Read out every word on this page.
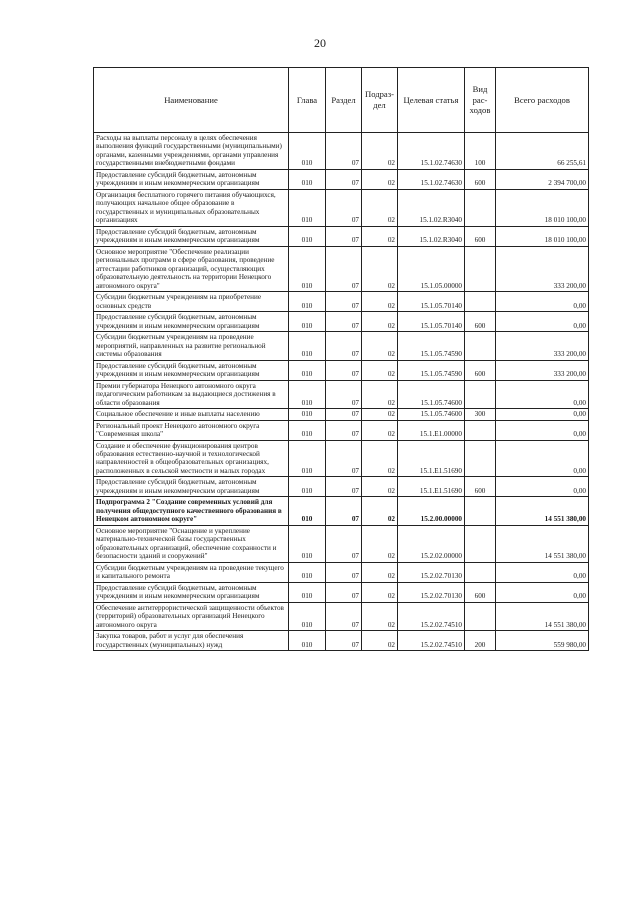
20
Наименование	Глава	Раздел	Подраз-дел	Целевая статья	Вид рас-ходов	Всего расходов
Расходы на выплаты персоналу в целях обеспечения выполнения функций государственными (муниципальными) органами, казенными учреждениями, органами управления государственными внебюджетными фондами	010	07	02	15.1.02.74630	100	66 255,61
Предоставление субсидий бюджетным, автономным учреждениям и иным некоммерческим организациям	010	07	02	15.1.02.74630	600	2 394 700,00
Организация бесплатного горячего питания обучающихся, получающих начальное общее образование в государственных и муниципальных образовательных организациях	010	07	02	15.1.02.R3040		18 010 100,00
Предоставление субсидий бюджетным, автономным учреждениям и иным некоммерческим организациям	010	07	02	15.1.02.R3040	600	18 010 100,00
Основное мероприятие "Обеспечение реализации региональных программ в сфере образования, проведение аттестации работников организаций, осуществляющих образовательную деятельность на территории Ненецкого автономного округа"	010	07	02	15.1.05.00000		333 200,00
Субсидии бюджетным учреждениям на приобретение основных средств	010	07	02	15.1.05.70140		0,00
Предоставление субсидий бюджетным, автономным учреждениям и иным некоммерческим организациям	010	07	02	15.1.05.70140	600	0,00
Субсидии бюджетным учреждениям на проведение мероприятий, направленных на развитие региональной системы образования	010	07	02	15.1.05.74590		333 200,00
Предоставление субсидий бюджетным, автономным учреждениям и иным некоммерческим организациям	010	07	02	15.1.05.74590	600	333 200,00
Премии губернатора Ненецкого автономного округа педагогическим работникам за выдающиеся достижения в области образования	010	07	02	15.1.05.74600		0,00
Социальное обеспечение и иные выплаты населению	010	07	02	15.1.05.74600	300	0,00
Региональный проект Ненецкого автономного округа "Современная школа"	010	07	02	15.1.E1.00000		0,00
Создание и обеспечение функционирования центров образования естественно-научной и технологической направленностей в общеобразовательных организациях, расположенных в сельской местности и малых городах	010	07	02	15.1.E1.51690		0,00
Предоставление субсидий бюджетным, автономным учреждениям и иным некоммерческим организациям	010	07	02	15.1.E1.51690	600	0,00
Подпрограмма 2 "Создание современных условий для получения общедоступного качественного образования в Ненецком автономном округе"	010	07	02	15.2.00.00000		14 551 380,00
Основное мероприятие "Оснащение и укрепление материально-технической базы государственных образовательных организаций, обеспечение сохранности и безопасности зданий и сооружений"	010	07	02	15.2.02.00000		14 551 380,00
Субсидии бюджетным учреждениям на проведение текущего и капитального ремонта	010	07	02	15.2.02.70130		0,00
Предоставление субсидий бюджетным, автономным учреждениям и иным некоммерческим организациям	010	07	02	15.2.02.70130	600	0,00
Обеспечение антитеррористической защищенности объектов (территорий) образовательных организаций Ненецкого автономного округа	010	07	02	15.2.02.74510		14 551 380,00
Закупка товаров, работ и услуг для обеспечения государственных (муниципальных) нужд	010	07	02	15.2.02.74510	200	559 980,00
